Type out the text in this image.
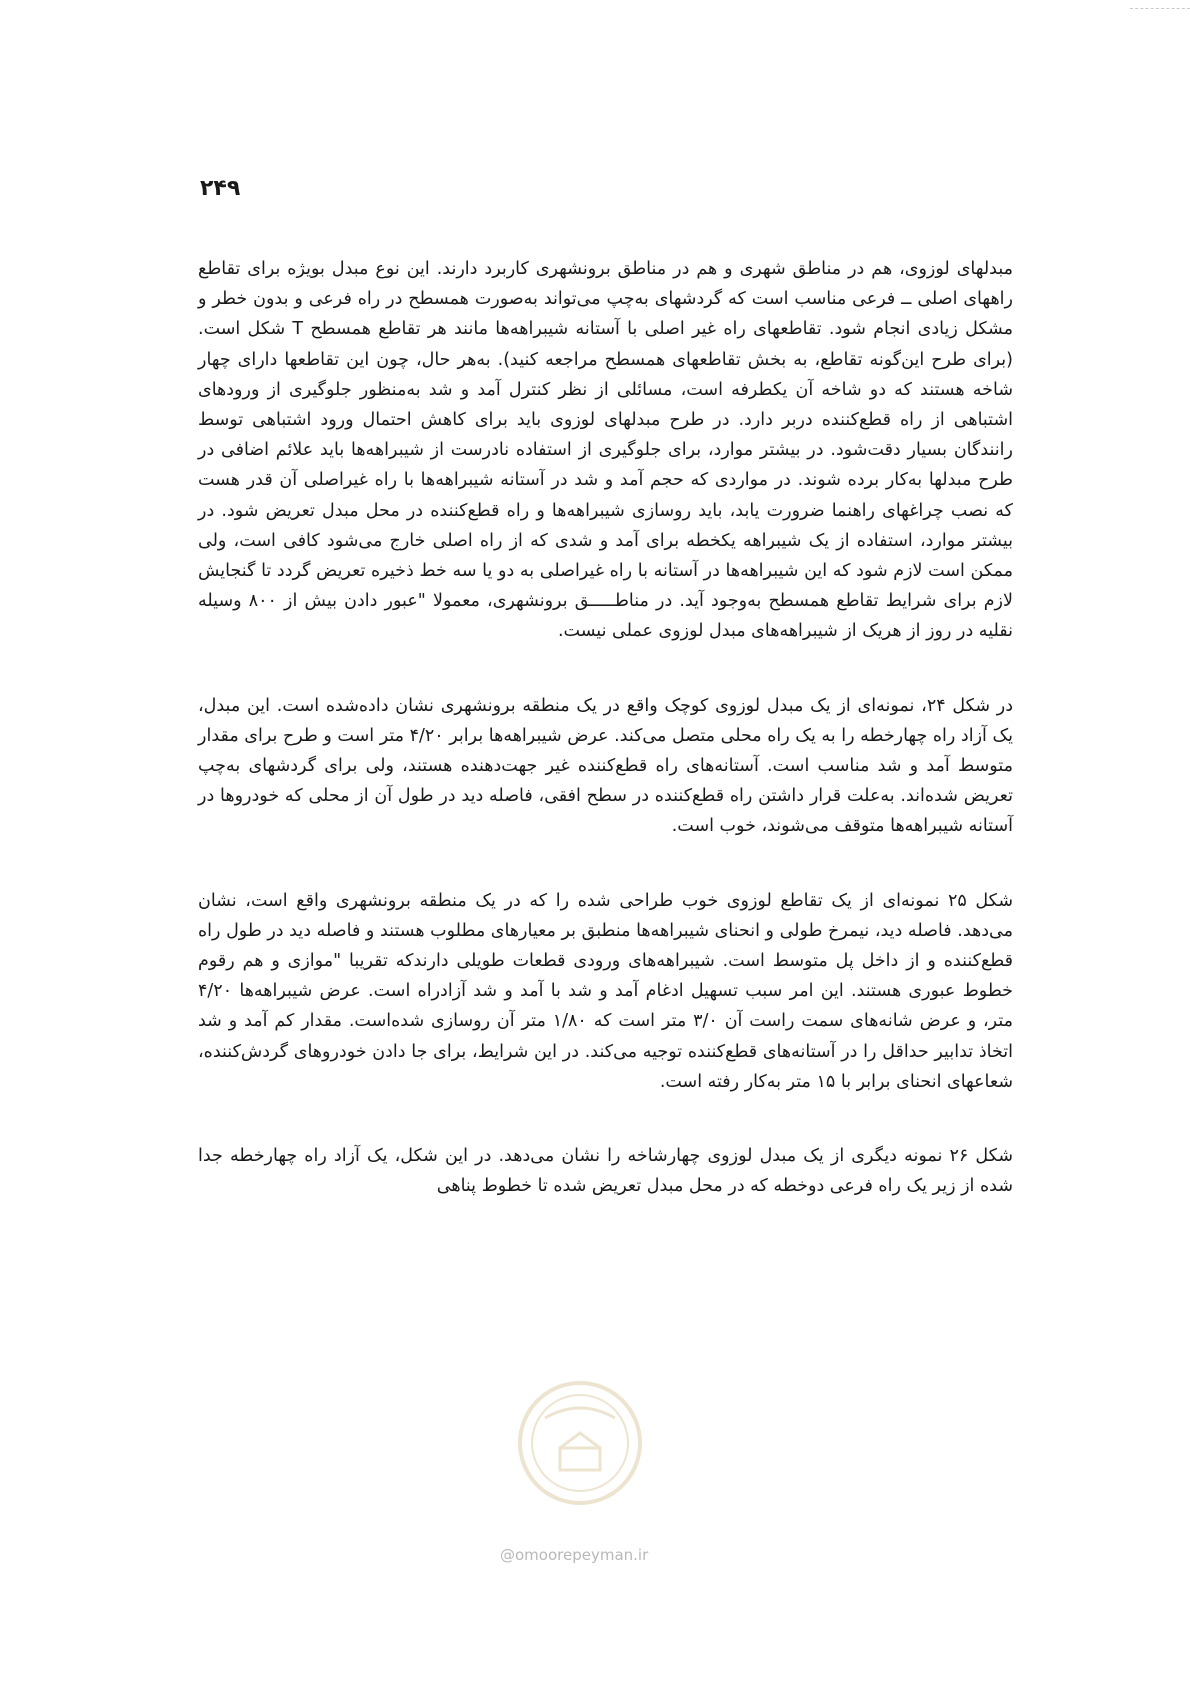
۲۴۹

مبدلهای لوزوی، هم در مناطق شهری و هم در مناطق برونشهری کاربرد دارند. این نوع مبدل بویژه برای تقاطع راههای اصلی ــ فرعی مناسب است که گردشهای به‌چپ می‌تواند به‌صورت همسطح در راه فرعی و بدون خطر و مشکل زیادی انجام شود. تقاطعهای راه غیر اصلی با آستانه شیبراهه‌ها مانند هر تقاطع همسطح T شکل است. (برای طرح این‌گونه تقاطع، به بخش تقاطعهای همسطح مراجعه کنید). به‌هر حال، چون این تقاطعها دارای چهار شاخه هستند که دو شاخه آن یکطرفه است، مسائلی از نظر کنترل آمد و شد به‌منظور جلوگیری از ورودهای اشتباهی از راه قطع‌کننده دربر دارد. در طرح مبدلهای لوزوی باید برای کاهش احتمال ورود اشتباهی توسط رانندگان بسیار دقت‌شود. در بیشتر موارد، برای جلوگیری از استفاده نادرست از شیبراهه‌ها باید علائم اضافی در طرح مبدلها به‌کار برده شوند. در مواردی که حجم آمد و شد در آستانه شیبراهه‌ها با راه غیراصلی آن قدر هست که نصب چراغهای راهنما ضرورت یابد، باید روسازی شیبراهه‌ها و راه قطع‌کننده در محل مبدل تعریض شود. در بیشتر موارد، استفاده از یک شیبراهه یکخطه برای آمد و شدی که از راه اصلی خارج می‌شود کافی است، ولی ممکن است لازم شود که این شیبراهه‌ها در آستانه با راه غیراصلی به دو یا سه خط ذخیره تعریض گردد تا گنجایش لازم برای شرایط تقاطع همسطح به‌وجود آید. در مناطـــــق برونشهری، معمولا "عبور دادن بیش از ۸۰۰ وسیله نقلیه در روز از هریک از شیبراهه‌های مبدل لوزوی عملی نیست.

در شکل ۲۴، نمونه‌ای از یک مبدل لوزوی کوچک واقع در یک منطقه برونشهری نشان داده‌شده است. این مبدل، یک آزاد راه چهارخطه را به یک راه محلی متصل می‌کند. عرض شیبراهه‌ها برابر ۴/۲۰ متر است و طرح برای مقدار متوسط آمد و شد مناسب است. آستانه‌های راه قطع‌کننده غیر جهت‌دهنده هستند، ولی برای گردشهای به‌چپ تعریض شده‌اند. به‌علت قرار داشتن راه قطع‌کننده در سطح افقی، فاصله دید در طول آن از محلی که خودروها در آستانه شیبراهه‌ها متوقف می‌شوند، خوب است.

شکل ۲۵ نمونه‌ای از یک تقاطع لوزوی خوب طراحی شده را که در یک منطقه برونشهری واقع است، نشان می‌دهد. فاصله دید، نیمرخ طولی و انحنای شیبراهه‌ها منطبق بر معیارهای مطلوب هستند و فاصله دید در طول راه قطع‌کننده و از داخل پل متوسط است. شیبراهه‌های ورودی قطعات طویلی دارندکه تقریبا "موازی و هم رقوم خطوط عبوری هستند. این امر سبب تسهیل ادغام آمد و شد با آمد و شد آزادراه است. عرض شیبراهه‌ها ۴/۲۰ متر، و عرض شانه‌های سمت راست آن ۳/۰ متر است که ۱/۸۰ متر آن روسازی شده‌است. مقدار کم آمد و شد اتخاذ تدابیر حداقل را در آستانه‌های قطع‌کننده توجیه می‌کند. در این شرایط، برای جا دادن خودروهای گردش‌کننده، شعاعهای انحنای برابر با ۱۵ متر به‌کار رفته است.

شکل ۲۶ نمونه دیگری از یک مبدل لوزوی چهارشاخه را نشان می‌دهد. در این شکل، یک آزاد راه چهارخطه جدا شده از زیر یک راه فرعی دوخطه که در محل مبدل تعریض شده تا خطوط پناهی

@omoorepeyman.ir
